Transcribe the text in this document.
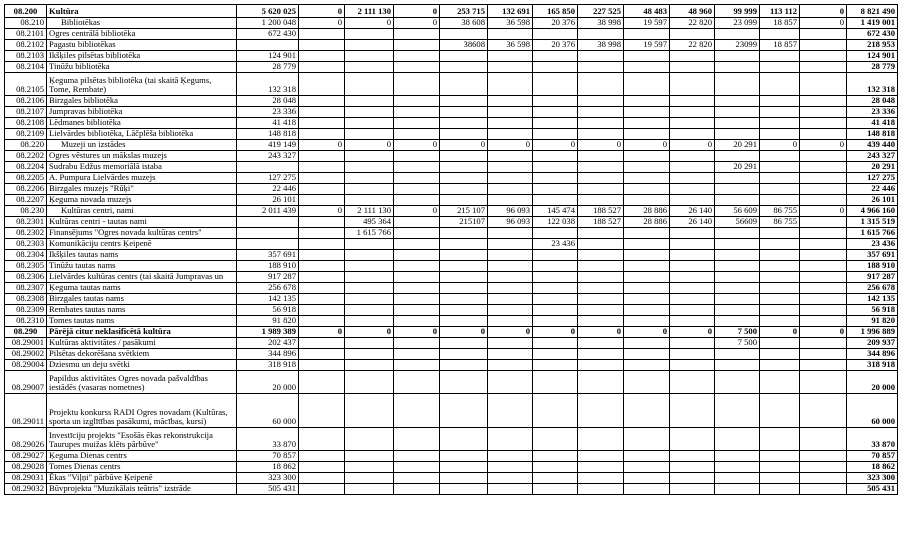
08.200	Kultūra	5 620 025	0	2 111 130	0	253 715	132 691	165 850	227 525	48 483	48 960	99 999	113 112	0	8 821 490
08.210	Bibliotēkas	1 200 048	0	0	0	38 608	36 598	20 376	38 998	19 597	22 820	23 099	18 857	0	1 419 001
08.2101	Ogres centrālā bibliotēka	672 430													672 430
08.2102	Pagastu bibliotēkas					38608	36 598	20 376	38 998	19 597	22 820	23099	18 857		218 953
08.2103	Ikšķiles pilsētas bibliotēka	124 901													124 901
08.2104	Tinūžu bibliotēka	28 779													28 779
08.2105	Ķeguma pilsētas bibliotēka (tai skaitā Ķegums, Tome, Rembate)	132 318													132 318
08.2106	Birzgales bibliotēka	28 048													28 048
08.2107	Jumpravas bibliotēka	23 336													23 336
08.2108	Lēdmanes bibliotēka	41 418													41 418
08.2109	Lielvārdes bibliotēka, Lāčplēša bibliotēka	148 818													148 818
08.220	Muzeji un izstādes	419 149	0	0	0	0	0	0	0	0	0	20 291	0	0	439 440
08.2202	Ogres vēstures un mākslas muzejs	243 327													243 327
08.2204	Sudrabu Edžus memoriālā istaba											20 291			20 291
08.2205	A. Pumpura Lielvārdes muzejs	127 275													127 275
08.2206	Birzgales muzejs "Rūķi"	22 446													22 446
08.2207	Ķeguma novada muzejs	26 101													26 101
08.230	Kultūras centri, nami	2 011 439	0	2 111 130	0	215 107	96 093	145 474	188 527	28 886	26 140	56 609	86 755	0	4 966 160
08.2301	Kultūras centri - tautas nami			495 364		215107	96 093	122 038	188 527	28 886	26 140	56609	86 755		1 315 519
08.2302	Finansējums "Ogres novada kultūras centrs"			1 615 766											1 615 766
08.2303	Komunikāciju centrs Ķeipenē							23 436							23 436
08.2304	Ikšķiles tautas nams	357 691													357 691
08.2305	Tinūžu tautas nams	188 910													188 910
08.2306	Lielvārdes kultūras centrs (tai skaitā Jumpravas un	917 287													917 287
08.2307	Ķeguma tautas nams	256 678													256 678
08.2308	Birzgales tautas nams	142 135													142 135
08.2309	Rembates tautas nams	56 918													56 918
08.2310	Tomes tautas nams	91 820													91 820
08.290	Pārējā citur neklasificētā kultūra	1 989 389	0	0	0	0	0	0	0	0	0	7 500	0	0	1 996 889
08.29001	Kultūras aktivitātes / pasākumi	202 437										7 500			209 937
08.29002	Pilsētas dekorēšana svētkiem	344 896													344 896
08.29004	Dziesmu un deju svētki	318 918													318 918
08.29007	Papildus aktivitātes Ogres novada pašvaldības iestādēs (vasaras nometnes)	20 000													20 000
08.29011	Projektu konkurss RADI Ogres novadam (Kultūras, sporta un izglītības pasākumi, mācības, kursi)	60 000													60 000
08.29026	Investīciju projekts "Esošās ēkas rekonstrukcija Taurupes muižas klēts pārbūve"	33 870													33 870
08.29027	Ķeguma Dienas centrs	70 857													70 857
08.29028	Tomes Dienas centrs	18 862													18 862
08.29031	Ēkas "Viļņi" pārbūve Ķeipenē	323 300													323 300
08.29032	Būvprojekta "Muzikālais teātris" izstrāde	505 431													505 431
